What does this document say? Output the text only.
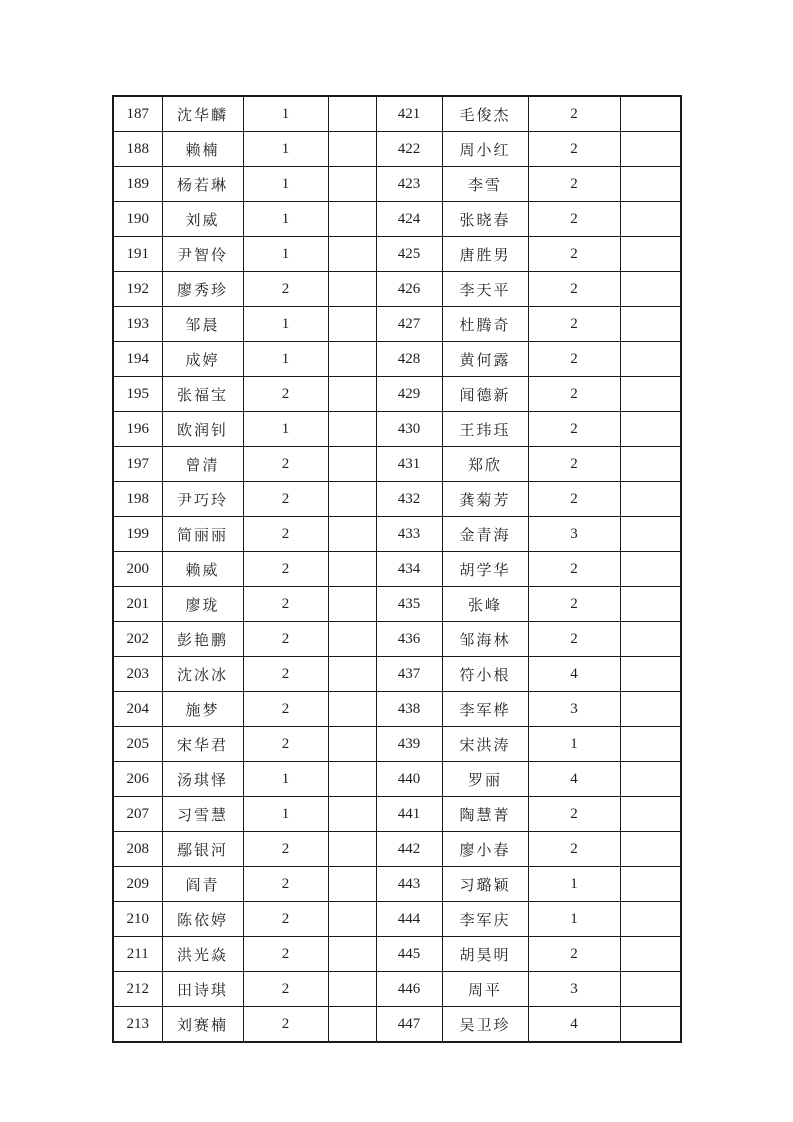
187	沈华麟	1		421	毛俊杰	2	
188	赖楠	1		422	周小红	2	
189	杨若琳	1		423	李雪	2	
190	刘威	1		424	张晓春	2	
191	尹智伶	1		425	唐胜男	2	
192	廖秀珍	2		426	李天平	2	
193	邹晨	1		427	杜腾奇	2	
194	成婷	1		428	黄何露	2	
195	张福宝	2		429	闻德新	2	
196	欧润钊	1		430	王玮珏	2	
197	曾清	2		431	郑欣	2	
198	尹巧玲	2		432	龚菊芳	2	
199	简丽丽	2		433	金青海	3	
200	赖威	2		434	胡学华	2	
201	廖珑	2		435	张峰	2	
202	彭艳鹏	2		436	邹海林	2	
203	沈冰冰	2		437	符小根	4	
204	施梦	2		438	李军桦	3	
205	宋华君	2		439	宋洪涛	1	
206	汤琪怿	1		440	罗丽	4	
207	习雪慧	1		441	陶慧菁	2	
208	鄢银河	2		442	廖小春	2	
209	阎青	2		443	习璐颖	1	
210	陈依婷	2		444	李军庆	1	
211	洪光焱	2		445	胡昊明	2	
212	田诗琪	2		446	周平	3	
213	刘赛楠	2		447	吴卫珍	4	
